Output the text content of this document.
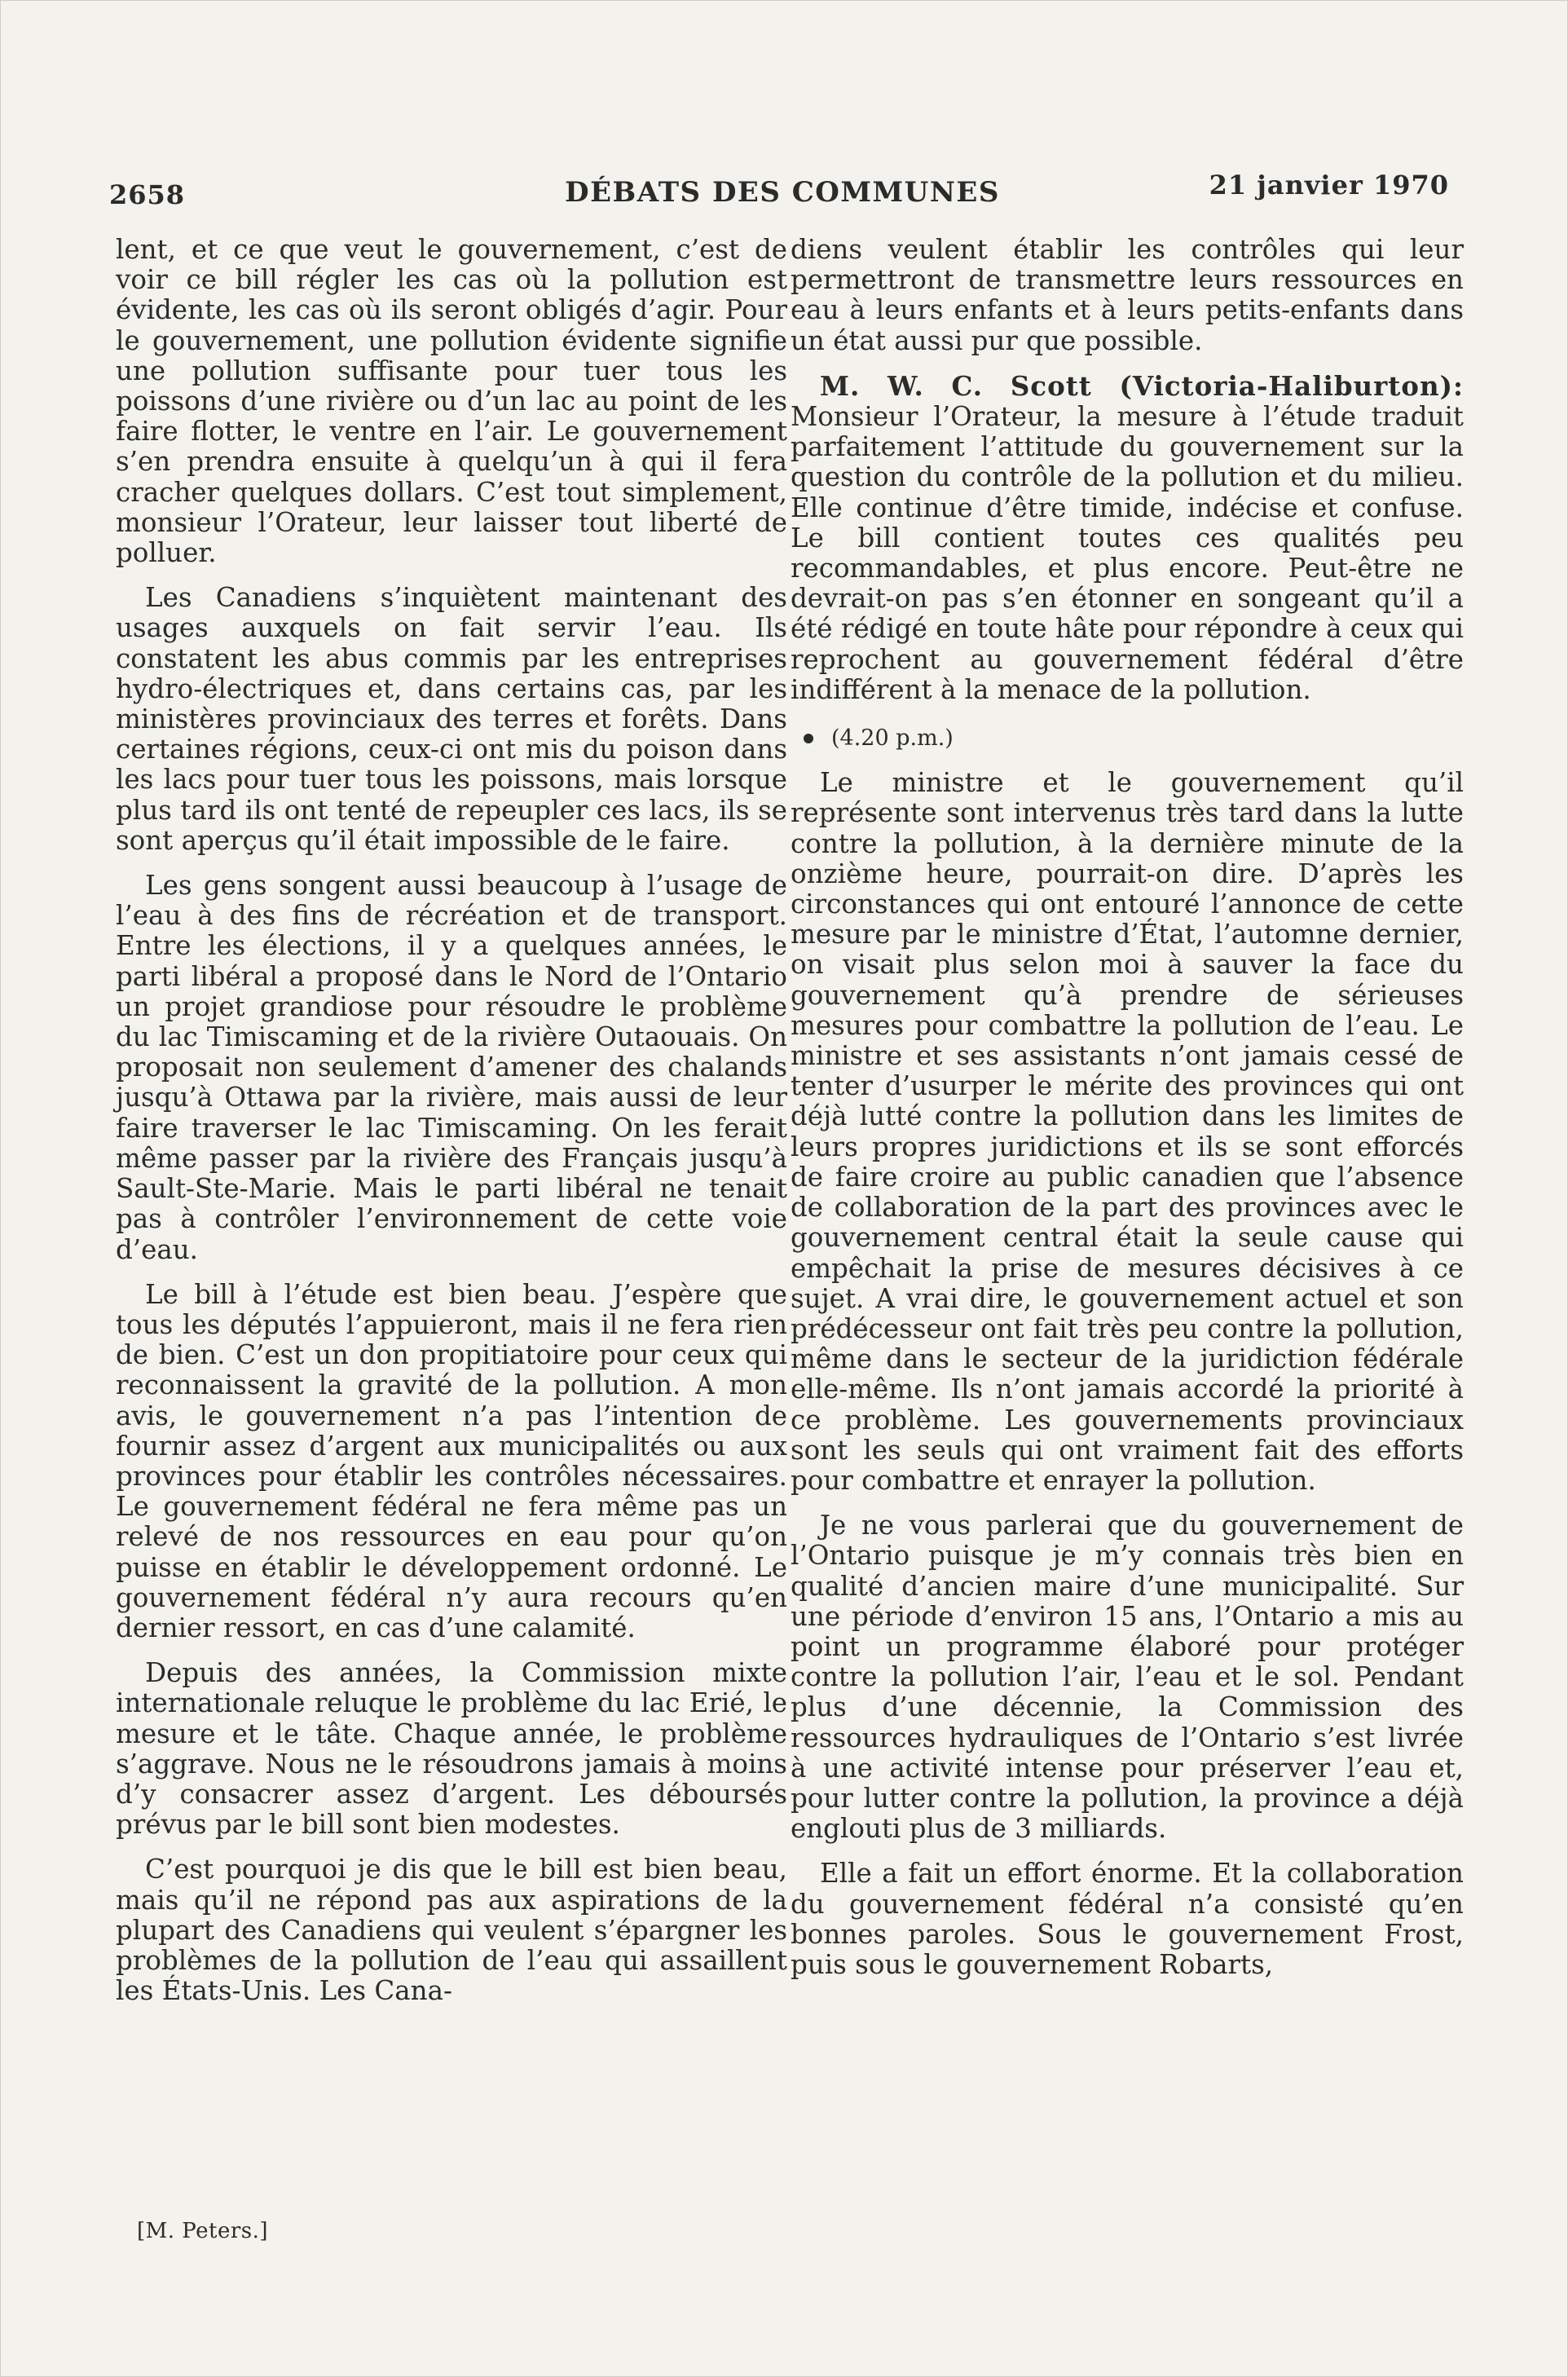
2658	DÉBATS DES COMMUNES	21 janvier 1970

lent, et ce que veut le gouvernement, c’est de voir ce bill régler les cas où la pollution est évidente, les cas où ils seront obligés d’agir. Pour le gouvernement, une pollution évidente signifie une pollution suffisante pour tuer tous les poissons d’une rivière ou d’un lac au point de les faire flotter, le ventre en l’air. Le gouvernement s’en prendra ensuite à quelqu’un à qui il fera cracher quelques dollars. C’est tout simplement, monsieur l’Orateur, leur laisser tout liberté de polluer.

Les Canadiens s’inquiètent maintenant des usages auxquels on fait servir l’eau. Ils constatent les abus commis par les entreprises hydro-électriques et, dans certains cas, par les ministères provinciaux des terres et forêts. Dans certaines régions, ceux-ci ont mis du poison dans les lacs pour tuer tous les poissons, mais lorsque plus tard ils ont tenté de repeupler ces lacs, ils se sont aperçus qu’il était impossible de le faire.

Les gens songent aussi beaucoup à l’usage de l’eau à des fins de récréation et de transport. Entre les élections, il y a quelques années, le parti libéral a proposé dans le Nord de l’Ontario un projet grandiose pour résoudre le problème du lac Timiscaming et de la rivière Outaouais. On proposait non seulement d’amener des chalands jusqu’à Ottawa par la rivière, mais aussi de leur faire traverser le lac Timiscaming. On les ferait même passer par la rivière des Français jusqu’à Sault-Ste-Marie. Mais le parti libéral ne tenait pas à contrôler l’environnement de cette voie d’eau.

Le bill à l’étude est bien beau. J’espère que tous les députés l’appuieront, mais il ne fera rien de bien. C’est un don propitiatoire pour ceux qui reconnaissent la gravité de la pollution. A mon avis, le gouvernement n’a pas l’intention de fournir assez d’argent aux municipalités ou aux provinces pour établir les contrôles nécessaires. Le gouvernement fédéral ne fera même pas un relevé de nos ressources en eau pour qu’on puisse en établir le développement ordonné. Le gouvernement fédéral n’y aura recours qu’en dernier ressort, en cas d’une calamité.

Depuis des années, la Commission mixte internationale reluque le problème du lac Erié, le mesure et le tâte. Chaque année, le problème s’aggrave. Nous ne le résoudrons jamais à moins d’y consacrer assez d’argent. Les déboursés prévus par le bill sont bien modestes.

C’est pourquoi je dis que le bill est bien beau, mais qu’il ne répond pas aux aspirations de la plupart des Canadiens qui veulent s’épargner les problèmes de la pollution de l’eau qui assaillent les États-Unis. Les Cana-

[M. Peters.]

diens veulent établir les contrôles qui leur permettront de transmettre leurs ressources en eau à leurs enfants et à leurs petits-enfants dans un état aussi pur que possible.

M. W. C. Scott (Victoria-Haliburton): Monsieur l’Orateur, la mesure à l’étude traduit parfaitement l’attitude du gouvernement sur la question du contrôle de la pollution et du milieu. Elle continue d’être timide, indécise et confuse. Le bill contient toutes ces qualités peu recommandables, et plus encore. Peut-être ne devrait-on pas s’en étonner en songeant qu’il a été rédigé en toute hâte pour répondre à ceux qui reprochent au gouvernement fédéral d’être indifférent à la menace de la pollution.

(4.20 p.m.)

Le ministre et le gouvernement qu’il représente sont intervenus très tard dans la lutte contre la pollution, à la dernière minute de la onzième heure, pourrait-on dire. D’après les circonstances qui ont entouré l’annonce de cette mesure par le ministre d’État, l’automne dernier, on visait plus selon moi à sauver la face du gouvernement qu’à prendre de sérieuses mesures pour combattre la pollution de l’eau. Le ministre et ses assistants n’ont jamais cessé de tenter d’usurper le mérite des provinces qui ont déjà lutté contre la pollution dans les limites de leurs propres juridictions et ils se sont efforcés de faire croire au public canadien que l’absence de collaboration de la part des provinces avec le gouvernement central était la seule cause qui empêchait la prise de mesures décisives à ce sujet. A vrai dire, le gouvernement actuel et son prédécesseur ont fait très peu contre la pollution, même dans le secteur de la juridiction fédérale elle-même. Ils n’ont jamais accordé la priorité à ce problème. Les gouvernements provinciaux sont les seuls qui ont vraiment fait des efforts pour combattre et enrayer la pollution.

Je ne vous parlerai que du gouvernement de l’Ontario puisque je m’y connais très bien en qualité d’ancien maire d’une municipalité. Sur une période d’environ 15 ans, l’Ontario a mis au point un programme élaboré pour protéger contre la pollution l’air, l’eau et le sol. Pendant plus d’une décennie, la Commission des ressources hydrauliques de l’Ontario s’est livrée à une activité intense pour préserver l’eau et, pour lutter contre la pollution, la province a déjà englouti plus de 3 milliards.

Elle a fait un effort énorme. Et la collaboration du gouvernement fédéral n’a consisté qu’en bonnes paroles. Sous le gouvernement Frost, puis sous le gouvernement Robarts,
